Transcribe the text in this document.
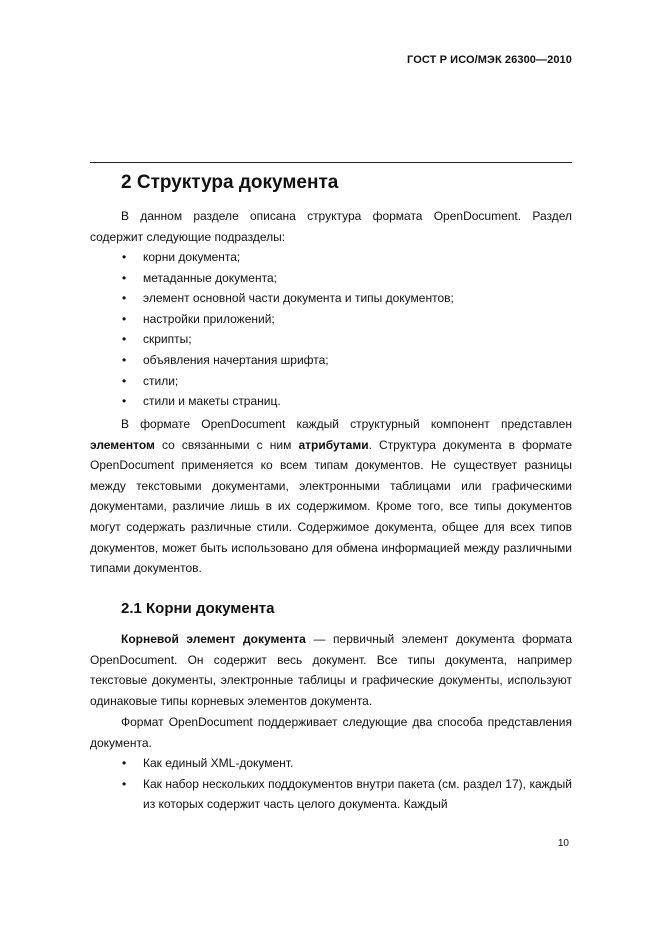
ГОСТ Р ИСО/МЭК 26300—2010
2 Структура документа

В данном разделе описана структура формата OpenDocument. Раздел содержит следующие подразделы:

• корни документа;
• метаданные документа;
• элемент основной части документа и типы документов;
• настройки приложений;
• скрипты;
• объявления начертания шрифта;
• стили;
• стили и макеты страниц.

В формате OpenDocument каждый структурный компонент представлен элементом со связанными с ним атрибутами. Структура документа в формате OpenDocument применяется ко всем типам документов. Не существует разницы между текстовыми документами, электронными таблицами или графическими документами, различие лишь в их содержимом. Кроме того, все типы документов могут содержать различные стили. Содержимое документа, общее для всех типов документов, может быть использовано для обмена информацией между различными типами документов.

2.1 Корни документа

Корневой элемент документа — первичный элемент документа формата OpenDocument. Он содержит весь документ. Все типы документа, например текстовые документы, электронные таблицы и графические документы, используют одинаковые типы корневых элементов документа.

Формат OpenDocument поддерживает следующие два способа представления документа.

• Как единый XML-документ.
• Как набор нескольких поддокументов внутри пакета (см. раздел 17), каждый из которых содержит часть целого документа. Каждый
10
